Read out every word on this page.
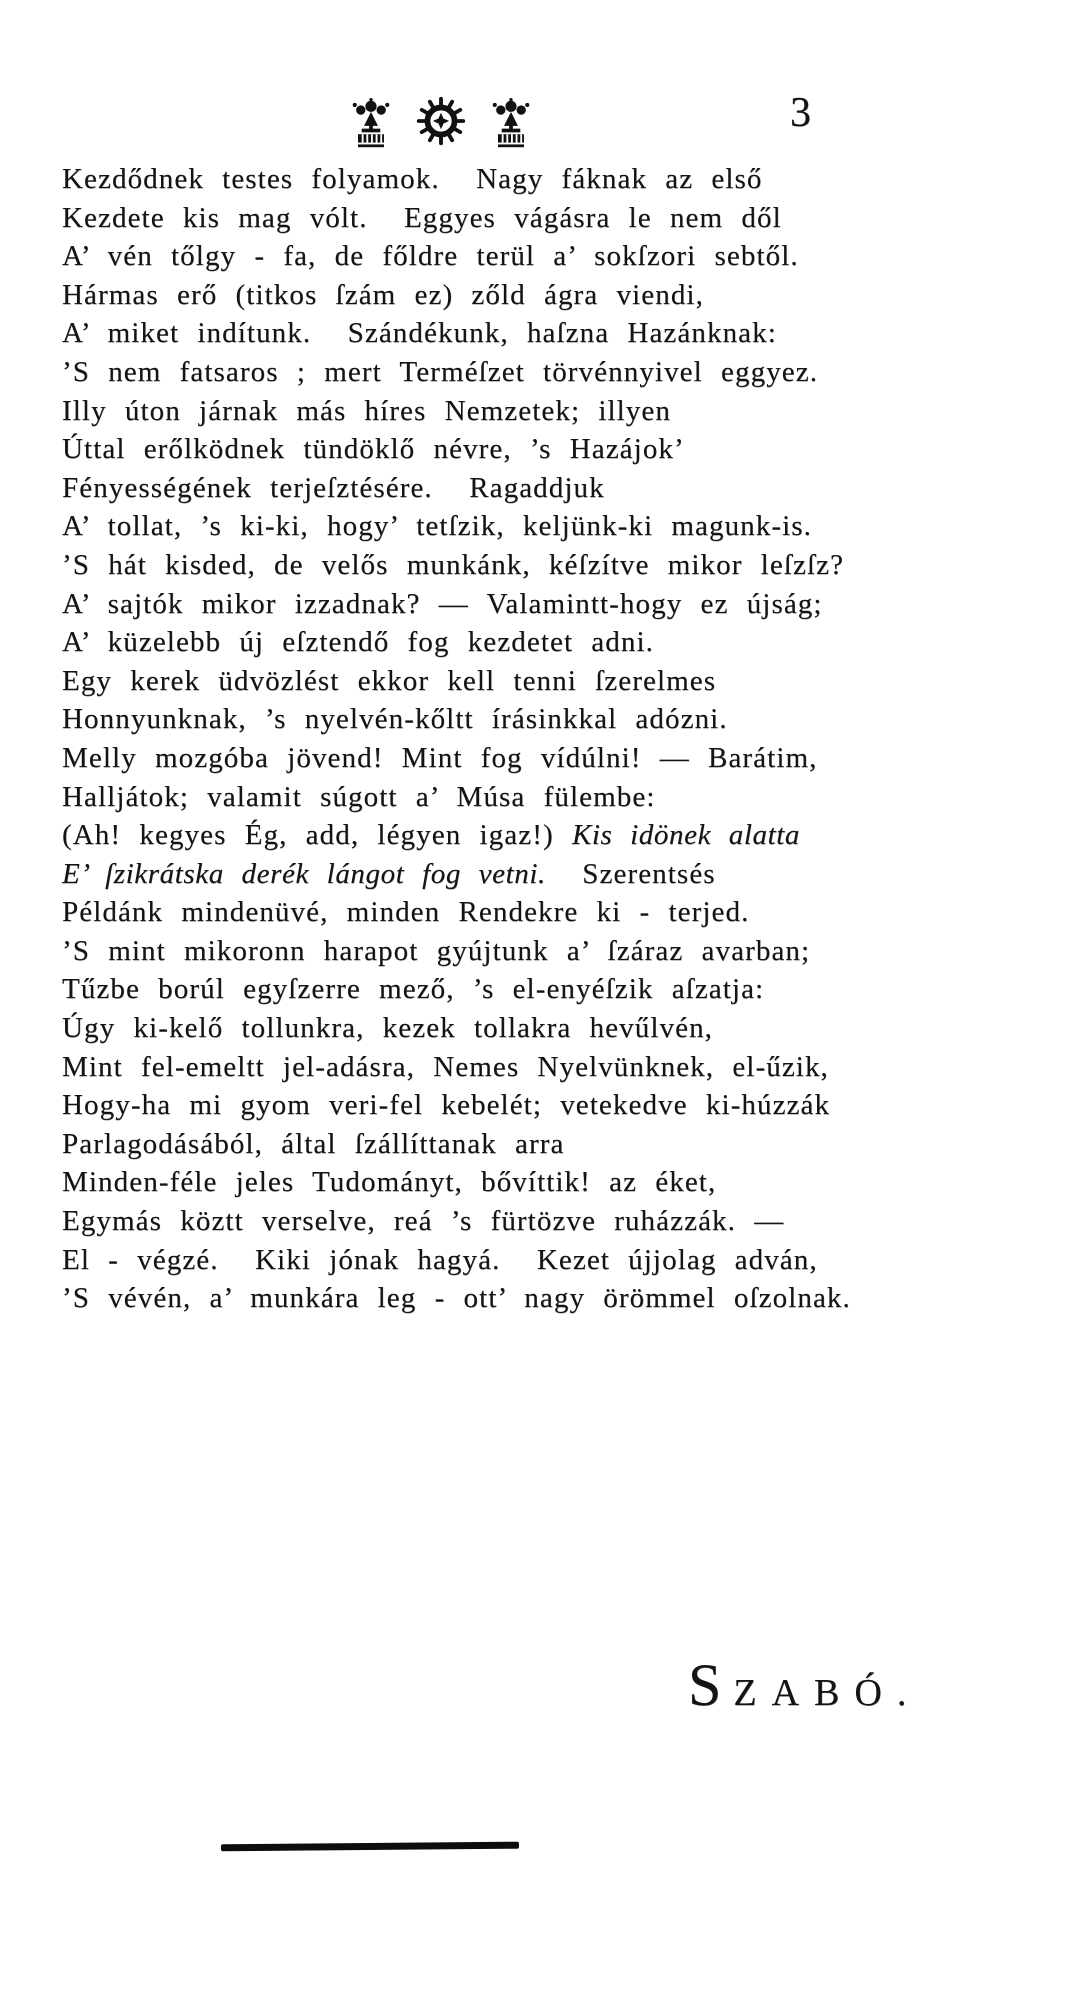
3
Kezdődnek testes folyamok.  Nagy fáknak az első
Kezdete kis mag vólt.  Eggyes vágásra le nem dől
A’ vén tőlgy - fa, de főldre terül a’ sokſzori sebtől.
Hármas erő (titkos ſzám ez) zőld ágra viendi,
A’ miket indítunk.  Szándékunk, haſzna Hazánknak:
’S nem fatsaros ; mert Terméſzet törvénnyivel eggyez.
Illy úton járnak más híres Nemzetek; illyen
Úttal erőlködnek tündöklő névre, ’s Hazájok’
Fényességének terjeſztésére.  Ragaddjuk
A’ tollat, ’s ki-ki, hogy’ tetſzik, keljünk-ki magunk-is.
’S hát kisded, de velős munkánk, kéſzítve mikor leſzſz?
A’ sajtók mikor izzadnak? — Valamintt-hogy ez újság;
A’ küzelebb új eſztendő fog kezdetet adni.
Egy kerek üdvözlést ekkor kell tenni ſzerelmes
Honnyunknak, ’s nyelvén-kőltt írásinkkal adózni.
Melly mozgóba jövend! Mint fog vídúlni! — Barátim,
Halljátok; valamit súgott a’ Músa fülembe:
(Ah! kegyes Ég, add, légyen igaz!) Kis idönek alatta
E’ ſzikrátska derék lángot fog vetni.  Szerentsés
Példánk mindenüvé, minden Rendekre ki - terjed.
’S mint mikoronn harapot gyújtunk a’ ſzáraz avarban;
Tűzbe borúl egyſzerre mező, ’s el-enyéſzik aſzatja:
Úgy ki-kelő tollunkra, kezek tollakra hevűlvén,
Mint fel-emeltt jel-adásra, Nemes Nyelvünknek, el-űzik,
Hogy-ha mi gyom veri-fel kebelét; vetekedve ki-húzzák
Parlagodásából, által ſzállíttanak arra
Minden-féle jeles Tudományt, bővíttik! az éket,
Egymás köztt verselve, reá ’s fürtözve ruházzák. —
El - végzé.  Kiki jónak hagyá.  Kezet újjolag adván,
’S vévén, a’ munkára leg - ott’ nagy örömmel oſzolnak.
S ZABÓ.
